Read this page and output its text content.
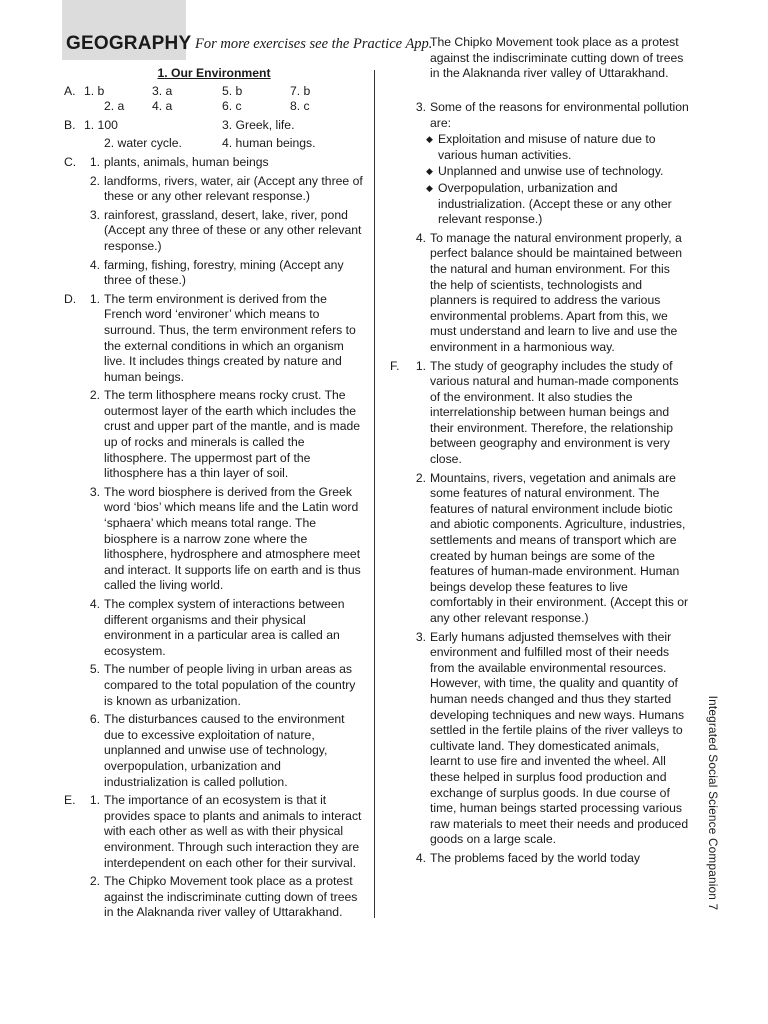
GEOGRAPHY For more exercises see the Practice App.
1. Our Environment
A. 1. b	3. a	5. b	7. b
2. a	4. a	6. c	8. c
B. 1. 100	3. Greek, life.
2. water cycle.	4. human beings.
C.	1. plants, animals, human beings
2. landforms, rivers, water, air (Accept any three of these or any other relevant response.)
3. rainforest, grassland, desert, lake, river, pond (Accept any three of these or any other relevant response.)
4. farming, fishing, forestry, mining (Accept any three of these.)
D.	1. The term environment is derived from the French word ‘environer’ which means to surround. Thus, the term environment refers to the external conditions in which an organism live. It includes things created by nature and human beings.
2. The term lithosphere means rocky crust. The outermost layer of the earth which includes the crust and upper part of the mantle, and is made up of rocks and minerals is called the lithosphere. The uppermost part of the lithosphere has a thin layer of soil.
3. The word biosphere is derived from the Greek word ‘bios’ which means life and the Latin word ‘sphaera’ which means total range. The biosphere is a narrow zone where the lithosphere, hydrosphere and atmosphere meet and interact. It supports life on earth and is thus called the living world.
4. The complex system of interactions between different organisms and their physical environment in a particular area is called an ecosystem.
5. The number of people living in urban areas as compared to the total population of the country is known as urbanization.
6. The disturbances caused to the environment due to excessive exploitation of nature, unplanned and unwise use of technology, overpopulation, urbanization and industrialization is called pollution.
E.	1. The importance of an ecosystem is that it provides space to plants and animals to interact with each other as well as with their physical environment. Through such interaction they are interdependent on each other for their survival.
2. The Chipko Movement took place as a protest against the indiscriminate cutting down of trees in the Alaknanda river valley of Uttarakhand.
The Chipko Movement took place as a protest against the indiscriminate cutting down of trees in the Alaknanda river valley of Uttarakhand.
3. Some of the reasons for environmental pollution are:
◆ Exploitation and misuse of nature due to various human activities.
◆ Unplanned and unwise use of technology.
◆ Overpopulation, urbanization and industrialization. (Accept these or any other relevant response.)
4. To manage the natural environment properly, a perfect balance should be maintained between the natural and human environment. For this the help of scientists, technologists and planners is required to address the various environmental problems. Apart from this, we must understand and learn to live and use the environment in a harmonious way.
F.	1. The study of geography includes the study of various natural and human-made components of the environment. It also studies the interrelationship between human beings and their environment. Therefore, the relationship between geography and environment is very close.
2. Mountains, rivers, vegetation and animals are some features of natural environment. The features of natural environment include biotic and abiotic components. Agriculture, industries, settlements and means of transport which are created by human beings are some of the features of human-made environment. Human beings develop these features to live comfortably in their environment. (Accept this or any other relevant response.)
3. Early humans adjusted themselves with their environment and fulfilled most of their needs from the available environmental resources. However, with time, the quality and quantity of human needs changed and thus they started developing techniques and new ways. Humans settled in the fertile plains of the river valleys to cultivate land. They domesticated animals, learnt to use fire and invented the wheel. All these helped in surplus food production and exchange of surplus goods. In due course of time, human beings started processing various raw materials to meet their needs and produced goods on a large scale.
4. The problems faced by the world today	Integrated Social Science Companion 7
